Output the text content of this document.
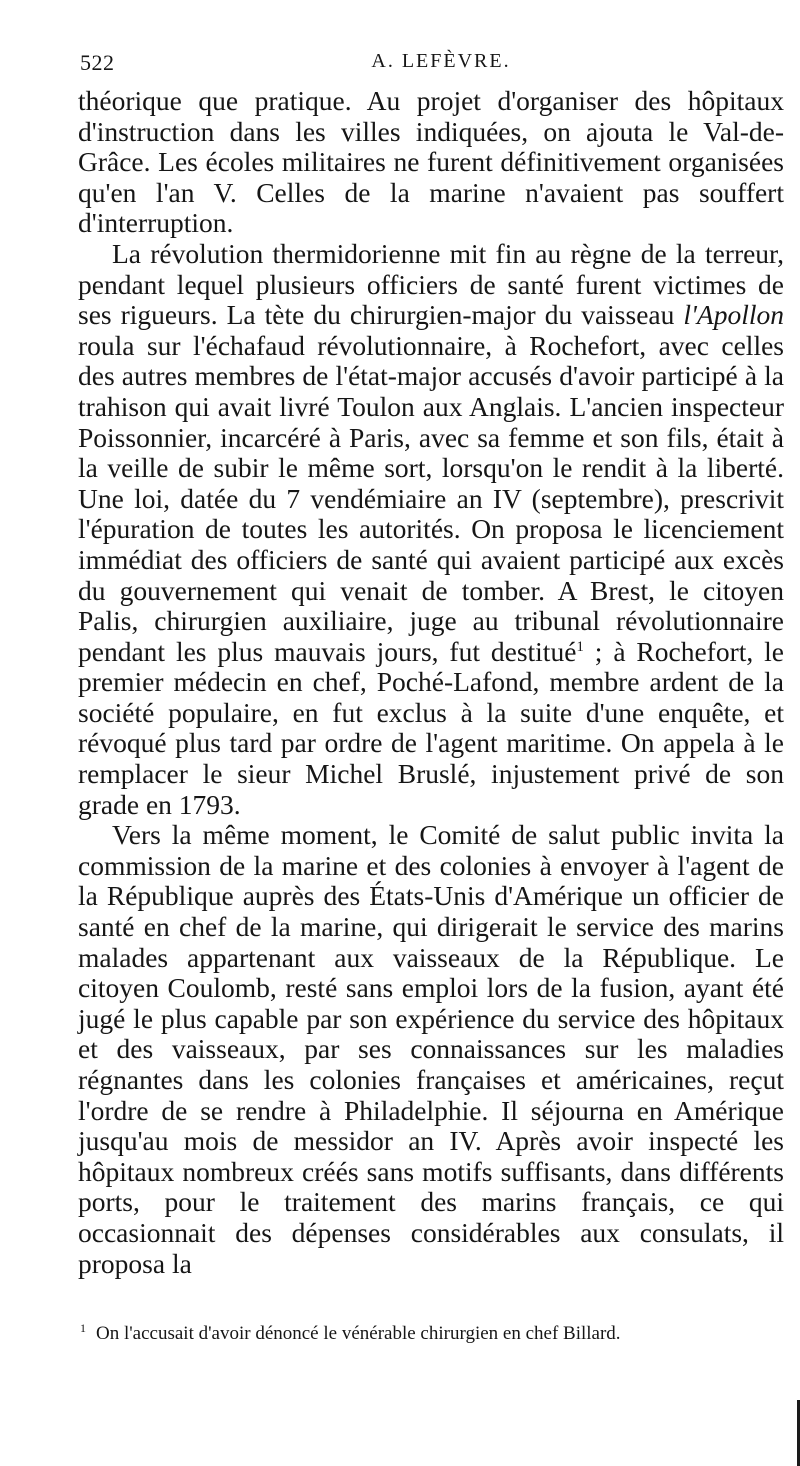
522	A. LEFÈVRE.

théorique que pratique. Au projet d'organiser des hôpitaux d'instruction dans les villes indiquées, on ajouta le Val-de-Grâce. Les écoles militaires ne furent définitivement organisées qu'en l'an V. Celles de la marine n'avaient pas souffert d'interruption.

La révolution thermidorienne mit fin au règne de la terreur, pendant lequel plusieurs officiers de santé furent victimes de ses rigueurs. La tète du chirurgien-major du vaisseau l'Apollon roula sur l'échafaud révolutionnaire, à Rochefort, avec celles des autres membres de l'état-major accusés d'avoir participé à la trahison qui avait livré Toulon aux Anglais. L'ancien inspecteur Poissonnier, incarcéré à Paris, avec sa femme et son fils, était à la veille de subir le même sort, lorsqu'on le rendit à la liberté. Une loi, datée du 7 vendémiaire an IV (septembre), prescrivit l'épuration de toutes les autorités. On proposa le licenciement immédiat des officiers de santé qui avaient participé aux excès du gouvernement qui venait de tomber. A Brest, le citoyen Palis, chirurgien auxiliaire, juge au tribunal révolutionnaire pendant les plus mauvais jours, fut destitué$^1$ ; à Rochefort, le premier médecin en chef, Poché-Lafond, membre ardent de la société populaire, en fut exclus à la suite d'une enquête, et révoqué plus tard par ordre de l'agent maritime. On appela à le remplacer le sieur Michel Bruslé, injustement privé de son grade en 1793.

Vers la même moment, le Comité de salut public invita la commission de la marine et des colonies à envoyer à l'agent de la République auprès des États-Unis d'Amérique un officier de santé en chef de la marine, qui dirigerait le service des marins malades appartenant aux vaisseaux de la République. Le citoyen Coulomb, resté sans emploi lors de la fusion, ayant été jugé le plus capable par son expérience du service des hôpitaux et des vaisseaux, par ses connaissances sur les maladies régnantes dans les colonies françaises et américaines, reçut l'ordre de se rendre à Philadelphie. Il séjourna en Amérique jusqu'au mois de messidor an IV. Après avoir inspecté les hôpitaux nombreux créés sans motifs suffisants, dans différents ports, pour le traitement des marins français, ce qui occasionnait des dépenses considérables aux consulats, il proposa la

$^1$ On l'accusait d'avoir dénoncé le vénérable chirurgien en chef Billard.
